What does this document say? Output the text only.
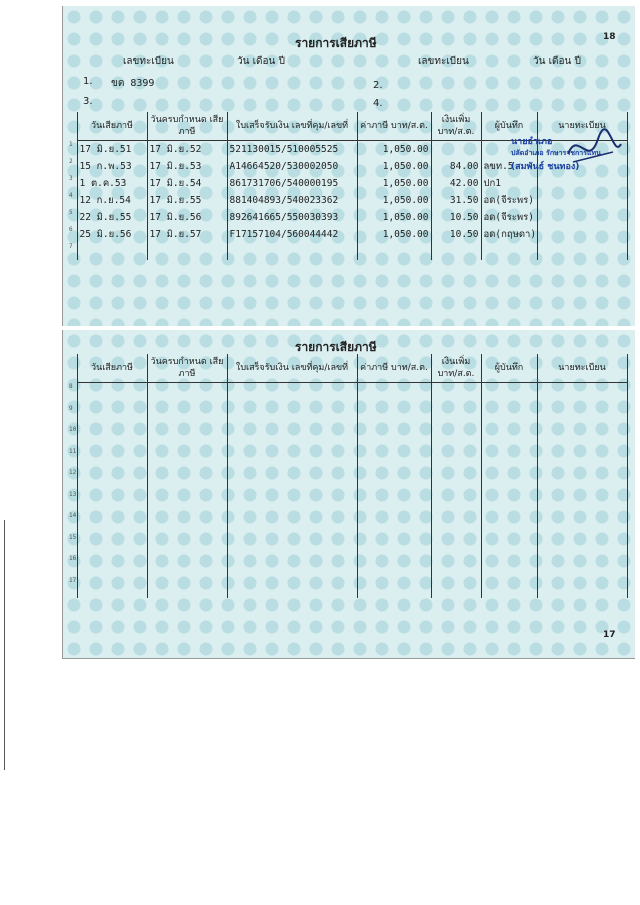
18
รายการเสียภาษี
เลขทะเบียน	วัน เดือน ปี	เลขทะเบียน	วัน เดือน ปี
1. ขต 8399	2.
3.	4.
	วันเสียภาษี	วันครบกำหนด เสียภาษี	ใบเสร็จรับเงิน เลขที่คุม/เลขที่	ค่าภาษี บาท/ส.ต.	เงินเพิ่ม บาท/ส.ต.	ผู้บันทึก	นายทะเบียน
1	17 มิ.ย.51	17 มิ.ย.52	521130015/510005525	1,050.00			
2	15 ก.พ.53	17 มิ.ย.53	A14664520/530002050	1,050.00	84.00	ลขท.5	
3	1 ต.ค.53	17 มิ.ย.54	861731706/540000195	1,050.00	42.00	ปก1	
4	12 ก.ย.54	17 มิ.ย.55	881404893/540023362	1,050.00	31.50	อด(จีระพร)	
5	22 มิ.ย.55	17 มิ.ย.56	892641665/550030393	1,050.00	10.50	อด(จีระพร)	
6	25 มิ.ย.56	17 มิ.ย.57	F17157104/560044442	1,050.00	10.50	อด(กฤษดา)	
7							
นายอำเภอ
ปลัดอำเภอ รักษาราชการแทน
(สมพันธ์ ชนทอง)
รายการเสียภาษี
	วันเสียภาษี	วันครบกำหนด เสียภาษี	ใบเสร็จรับเงิน เลขที่คุม/เลขที่	ค่าภาษี บาท/ส.ต.	เงินเพิ่ม บาท/ส.ต.	ผู้บันทึก	นายทะเบียน
8							
9							
10							
11							
12							
13							
14							
15							
16							
17							
17
